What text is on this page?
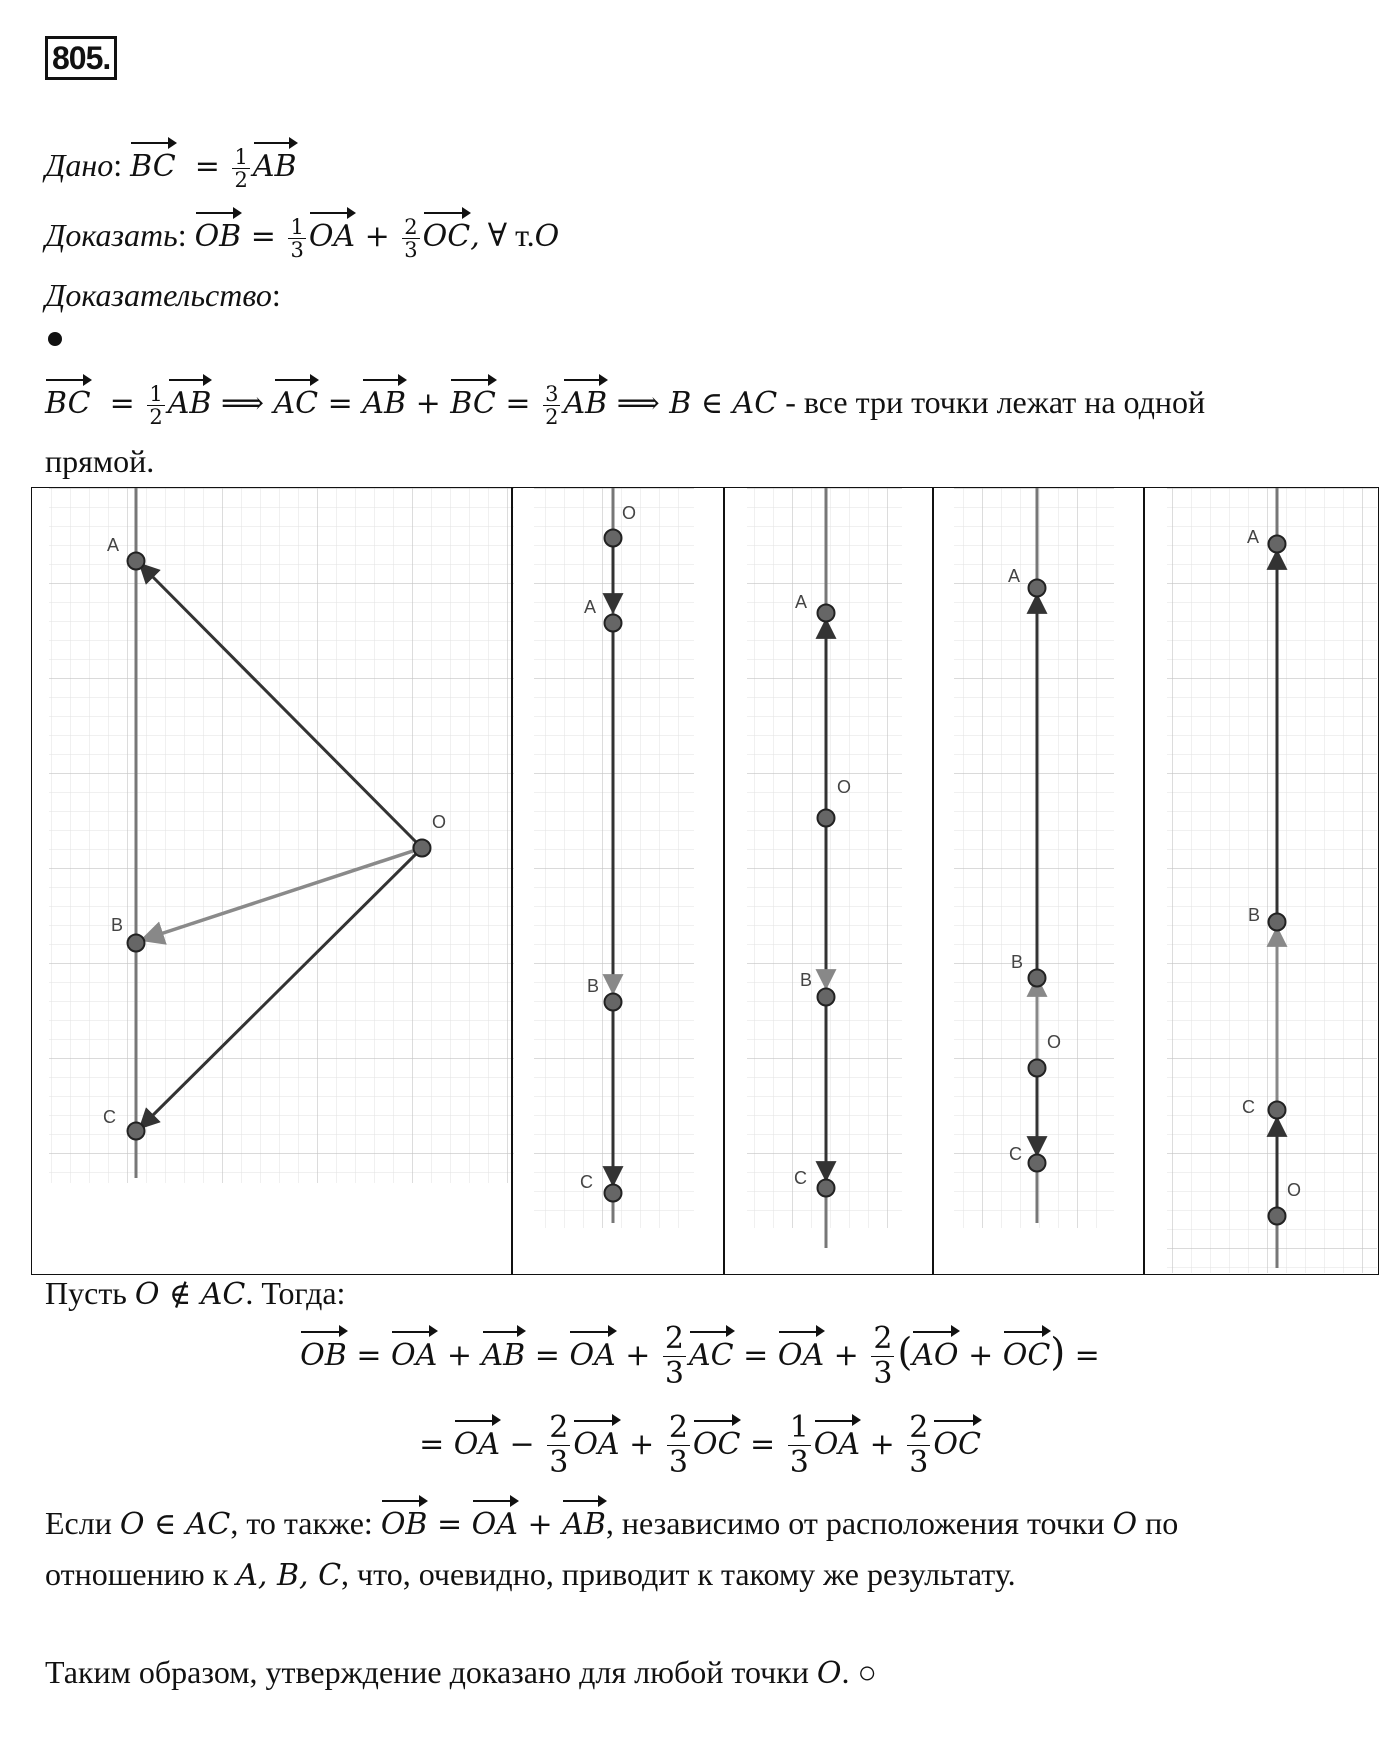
805.
Дано: BC  = $\frac{1}{2}$ AB
Доказать: OB = $\frac{1}{3}$ OA + $\frac{2}{3}$ OC, ∀ т.O
Доказательство:
BC  = $\frac{1}{2}$ AB ⟹ AC = AB + BC = $\frac{3}{2}$ AB ⟹ B ∈ AC - все три точки лежат на одной
прямой.
A
O
B
C
O
A
B
C
A
O
B
C
A
B
O
C
A
B
C
O
Пусть O ∉ AC. Тогда:
OB = OA + AB = OA + $\frac{2}{3}$ AC = OA + $\frac{2}{3} (AO + OC)$ =
= OA − $\frac{2}{3}$ OA + $\frac{2}{3}$ OC = $\frac{1}{3}$ OA + $\frac{2}{3}$ OC
Если O ∈ AC, то также: OB = OA + AB, независимо от расположения точки O по
отношению к A, B, C, что, очевидно, приводит к такому же результату.
Таким образом, утверждение доказано для любой точки O. ○
